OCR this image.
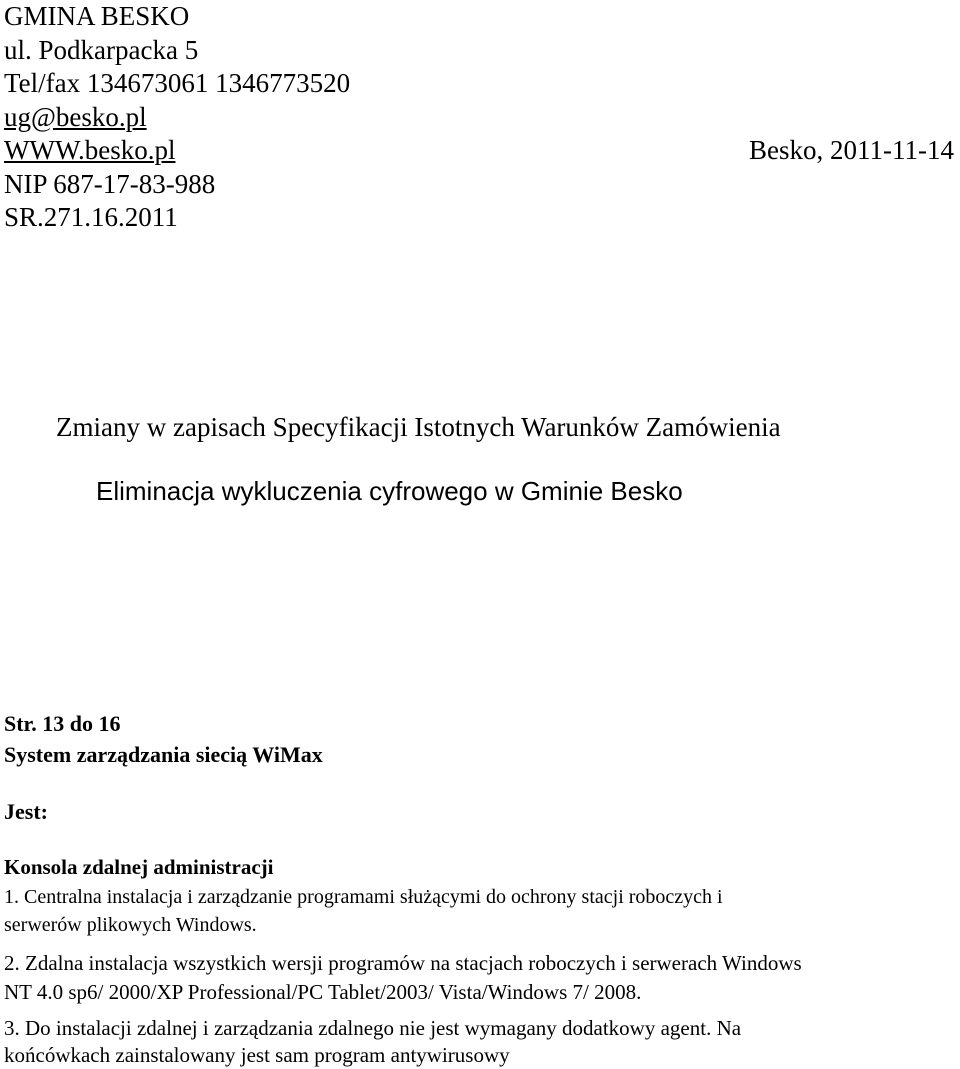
GMINA BESKO
ul. Podkarpacka 5
Tel/fax 134673061 1346773520
ug@besko.pl
WWW.besko.pl	Besko, 2011-11-14
NIP 687-17-83-988
SR.271.16.2011
Zmiany w zapisach Specyfikacji Istotnych Warunków Zamówienia
Eliminacja wykluczenia cyfrowego w Gminie Besko
Str. 13 do 16
System zarządzania siecią WiMax
Jest:
Konsola zdalnej administracji
1. Centralna instalacja i zarządzanie programami służącymi do ochrony stacji roboczych i
serwerów plikowych Windows.
2. Zdalna instalacja wszystkich wersji programów na stacjach roboczych i serwerach Windows
NT 4.0 sp6/ 2000/XP Professional/PC Tablet/2003/ Vista/Windows 7/ 2008.
3. Do instalacji zdalnej i zarządzania zdalnego nie jest wymagany dodatkowy agent. Na
końcówkach zainstalowany jest sam program antywirusowy
